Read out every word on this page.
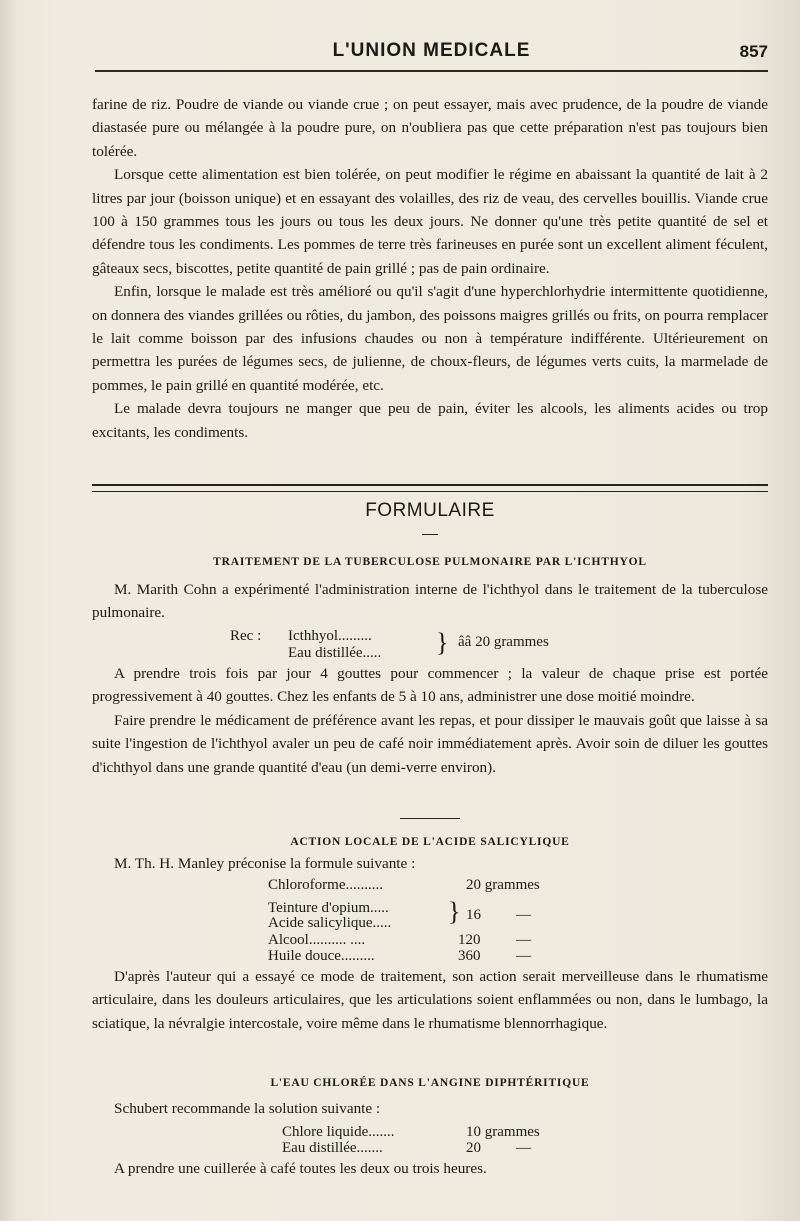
L'UNION MEDICALE	857

farine de riz. Poudre de viande ou viande crue ; on peut essayer, mais avec prudence, de la poudre de viande diastasée pure ou mélangée à la poudre pure, on n'oubliera pas que cette préparation n'est pas toujours bien tolérée.

Lorsque cette alimentation est bien tolérée, on peut modifier le régime en abaissant la quantité de lait à 2 litres par jour (boisson unique) et en essayant des volailles, des riz de veau, des cervelles bouillis. Viande crue 100 à 150 grammes tous les jours ou tous les deux jours. Ne donner qu'une très petite quantité de sel et défendre tous les condiments. Les pommes de terre très farineuses en purée sont un excellent aliment féculent, gâteaux secs, biscottes, petite quantité de pain grillé ; pas de pain ordinaire.

Enfin, lorsque le malade est très amélioré ou qu'il s'agit d'une hyperchlorhydrie intermittente quotidienne, on donnera des viandes grillées ou rôties, du jambon, des poissons maigres grillés ou frits, on pourra remplacer le lait comme boisson par des infusions chaudes ou non à température indifférente. Ultérieurement on permettra les purées de légumes secs, de julienne, de choux-fleurs, de légumes verts cuits, la marmelade de pommes, le pain grillé en quantité modérée, etc.

Le malade devra toujours ne manger que peu de pain, éviter les alcools, les aliments acides ou trop excitants, les condiments.

FORMULAIRE
TRAITEMENT DE LA TUBERCULOSE PULMONAIRE PAR L'ICHTHYOL

M. Marith Cohn a expérimenté l'administration interne de l'ichthyol dans le traitement de la tuberculose pulmonaire.

Rec : Icthhyol.........
Eau distillée..... } ââ 20 grammes

A prendre trois fois par jour 4 gouttes pour commencer ; la valeur de chaque prise est portée progressivement à 40 gouttes. Chez les enfants de 5 à 10 ans, administrer une dose moitié moindre.

Faire prendre le médicament de préférence avant les repas, et pour dissiper le mauvais goût que laisse à sa suite l'ingestion de l'ichthyol avaler un peu de café noir immédiatement après. Avoir soin de diluer les gouttes d'ichthyol dans une grande quantité d'eau (un demi-verre environ).

ACTION LOCALE DE L'ACIDE SALICYLIQUE

M. Th. H. Manley préconise la formule suivante :

Chloroforme..........	20 grammes
Teinture d'opium.....
Acide salicylique..... } 16 —
Alcool.......... ....	120 —
Huile douce.........	360 —

D'après l'auteur qui a essayé ce mode de traitement, son action serait merveilleuse dans le rhumatisme articulaire, dans les douleurs articulaires, que les articulations soient enflammées ou non, dans le lumbago, la sciatique, la névralgie intercostale, voire même dans le rhumatisme blennorrhagique.

L'EAU CHLORÉE DANS L'ANGINE DIPHTÉRITIQUE

Schubert recommande la solution suivante :

Chlore liquide.......	10 grammes
Eau distillée.......	20 —

A prendre une cuillerée à café toutes les deux ou trois heures.
